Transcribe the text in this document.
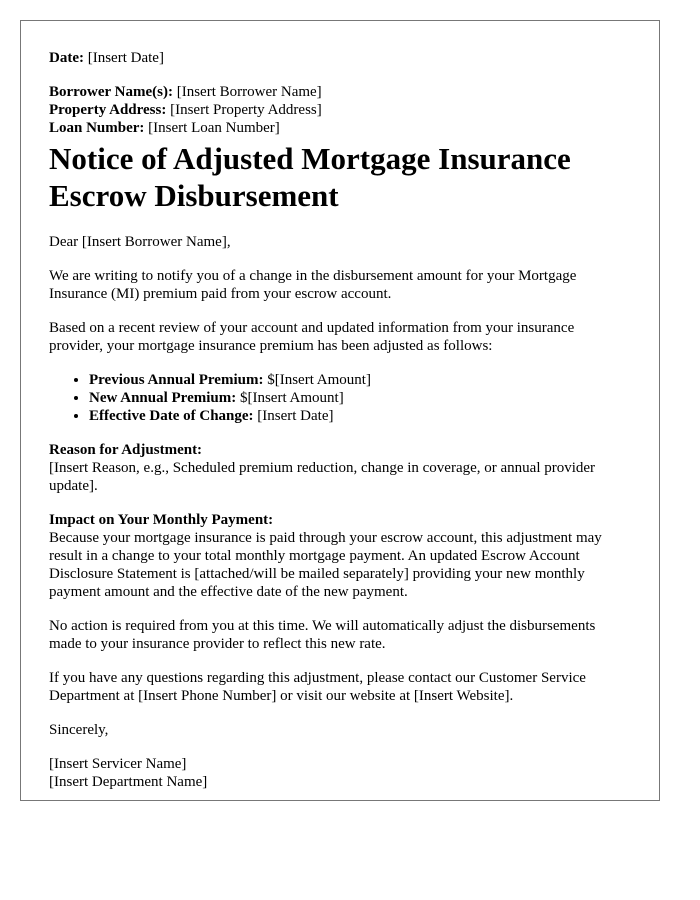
Date: [Insert Date]

Borrower Name(s): [Insert Borrower Name]

Property Address: [Insert Property Address]

Loan Number: [Insert Loan Number]

Notice of Adjusted Mortgage Insurance Escrow Disbursement

Dear [Insert Borrower Name],

We are writing to notify you of a change in the disbursement amount for your Mortgage Insurance (MI) premium paid from your escrow account.

Based on a recent review of your account and updated information from your insurance provider, your mortgage insurance premium has been adjusted as follows:

• Previous Annual Premium: $[Insert Amount]
• New Annual Premium: $[Insert Amount]
• Effective Date of Change: [Insert Date]

Reason for Adjustment:
[Insert Reason, e.g., Scheduled premium reduction, change in coverage, or annual provider update].

Impact on Your Monthly Payment:
Because your mortgage insurance is paid through your escrow account, this adjustment may result in a change to your total monthly mortgage payment. An updated Escrow Account Disclosure Statement is [attached/will be mailed separately] providing your new monthly payment amount and the effective date of the new payment.

No action is required from you at this time. We will automatically adjust the disbursements made to your insurance provider to reflect this new rate.

If you have any questions regarding this adjustment, please contact our Customer Service Department at [Insert Phone Number] or visit our website at [Insert Website].

Sincerely,

[Insert Servicer Name]

[Insert Department Name]
